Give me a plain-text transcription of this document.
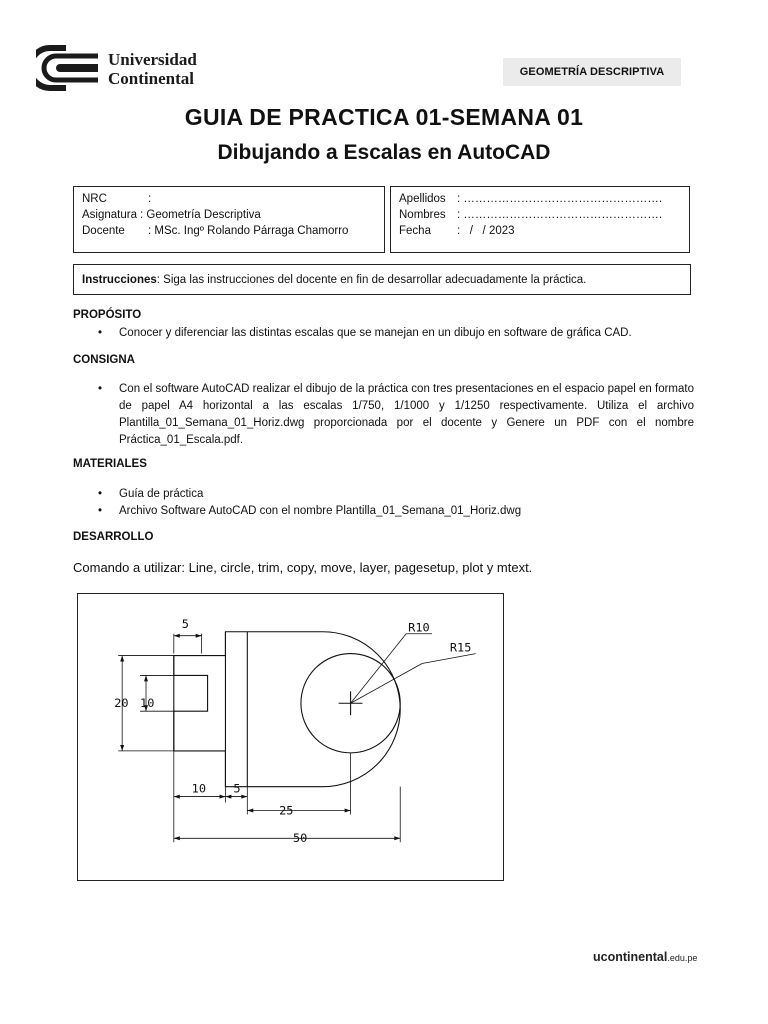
Universidad
Continental	GEOMETRÍA DESCRIPTIVA
GUIA DE PRACTICA 01-SEMANA 01
Dibujando a Escalas en AutoCAD
NRC	:
Asignatura : Geometría Descriptiva
Docente	: MSc. Ingº Rolando Párraga Chamorro
Apellidos : …………………………………………….
Nombres : …………………………………………….
Fecha	:   /   / 2023
Instrucciones : Siga las instrucciones del docente en fin de desarrollar adecuadamente la práctica.
PROPÓSITO
•	Conocer y diferenciar las distintas escalas que se manejan en un dibujo en software de gráfica CAD.
CONSIGNA
•	Con el software AutoCAD realizar el dibujo de la práctica con tres presentaciones en el espacio papel en formato de papel A4 horizontal a las escalas 1/750, 1/1000 y 1/1250 respectivamente. Utiliza el archivo Plantilla_01_Semana_01_Horiz.dwg proporcionada por el docente y Genere un PDF con el nombre Práctica_01_Escala.pdf.
MATERIALES
•	Guía de práctica
•	Archivo Software AutoCAD con el nombre Plantilla_01_Semana_01_Horiz.dwg
DESARROLLO
Comando a utilizar: Line, circle, trim, copy, move, layer, pagesetup, plot y mtext.
5	R10
R15
20 10
10 5
25
50
ucontinental.edu.pe
